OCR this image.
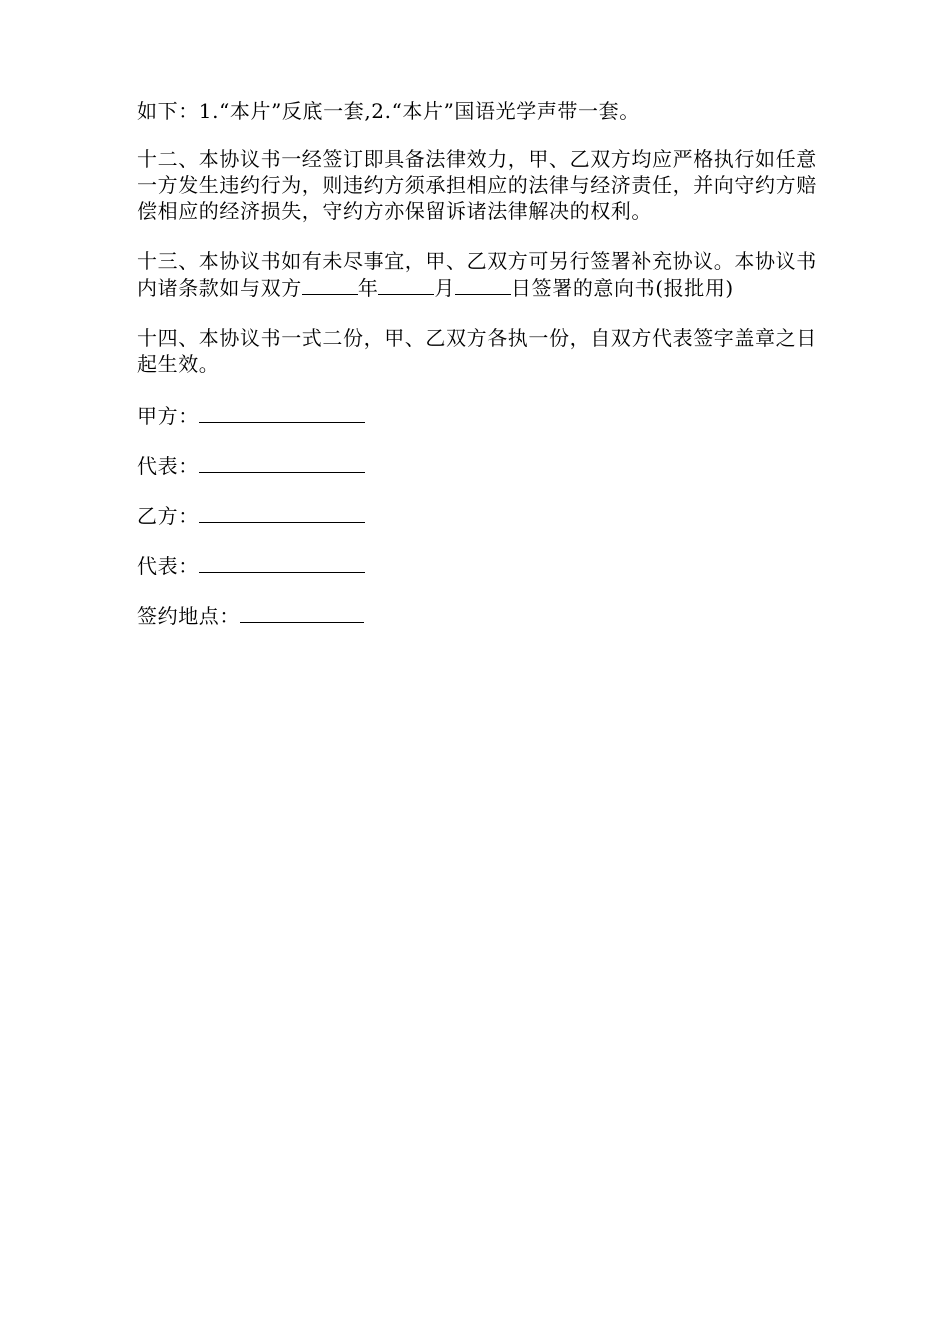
如下：1.“本片”反底一套,2.“本片”国语光学声带一套。

十二、本协议书一经签订即具备法律效力，甲、乙双方均应严格执行如任意一方发生违约行为，则违约方须承担相应的法律与经济责任，并向守约方赔偿相应的经济损失，守约方亦保留诉诸法律解决的权利。

十三、本协议书如有未尽事宜，甲、乙双方可另行签署补充协议。本协议书内诸条款如与双方	年	月	日签署的意向书(报批用)

十四、本协议书一式二份，甲、乙双方各执一份，自双方代表签字盖章之日起生效。

甲方：
代表：
乙方：
代表：
签约地点：
